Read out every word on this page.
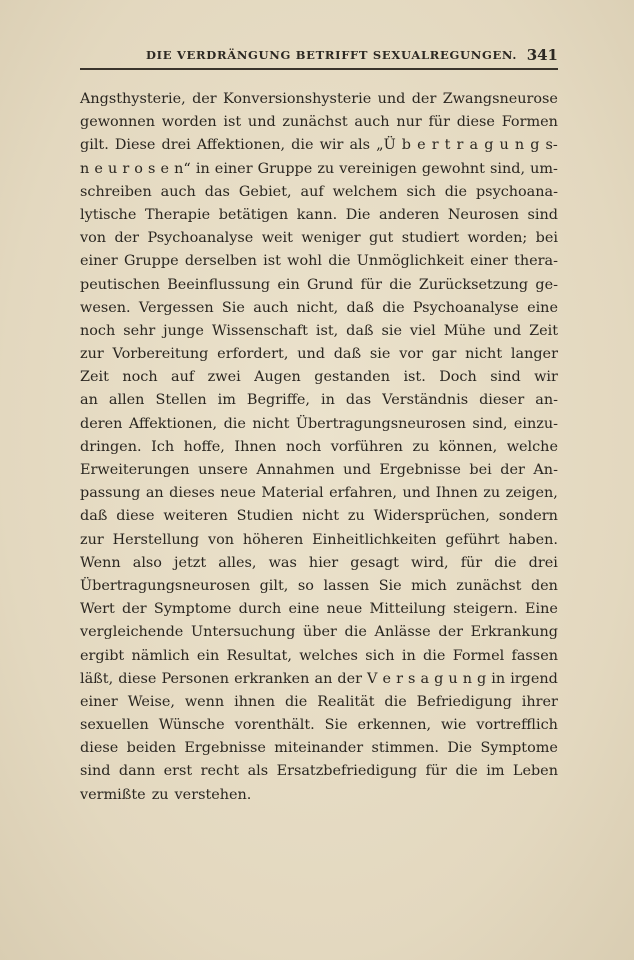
DIE VERDRÄNGUNG BETRIFFT SEXUALREGUNGEN. 341
Angsthysterie, der Konversionshysterie und der Zwangsneurose
gewonnen worden ist und zunächst auch nur für diese Formen
gilt. Diese drei Affektionen, die wir als „Ü b e r t r a g u n g s-
n e u r o s e n“ in einer Gruppe zu vereinigen gewohnt sind, um-
schreiben auch das Gebiet, auf welchem sich die psychoana-
lytische Therapie betätigen kann. Die anderen Neurosen sind
von der Psychoanalyse weit weniger gut studiert worden; bei
einer Gruppe derselben ist wohl die Unmöglichkeit einer thera-
peutischen Beeinflussung ein Grund für die Zurücksetzung ge-
wesen. Vergessen Sie auch nicht, daß die Psychoanalyse eine
noch sehr junge Wissenschaft ist, daß sie viel Mühe und Zeit
zur Vorbereitung erfordert, und daß sie vor gar nicht langer
Zeit noch auf zwei Augen gestanden ist. Doch sind wir
an allen Stellen im Begriffe, in das Verständnis dieser an-
deren Affektionen, die nicht Übertragungsneurosen sind, einzu-
dringen. Ich hoffe, Ihnen noch vorführen zu können, welche
Erweiterungen unsere Annahmen und Ergebnisse bei der An-
passung an dieses neue Material erfahren, und Ihnen zu zeigen,
daß diese weiteren Studien nicht zu Widersprüchen, sondern
zur Herstellung von höheren Einheitlichkeiten geführt haben.
Wenn also jetzt alles, was hier gesagt wird, für die drei
Übertragungsneurosen gilt, so lassen Sie mich zunächst den
Wert der Symptome durch eine neue Mitteilung steigern. Eine
vergleichende Untersuchung über die Anlässe der Erkrankung
ergibt nämlich ein Resultat, welches sich in die Formel fassen
läßt, diese Personen erkranken an der V e r s a g u n g in irgend
einer Weise, wenn ihnen die Realität die Befriedigung ihrer
sexuellen Wünsche vorenthält. Sie erkennen, wie vortrefflich
diese beiden Ergebnisse miteinander stimmen. Die Symptome
sind dann erst recht als Ersatzbefriedigung für die im Leben
vermißte zu verstehen.
